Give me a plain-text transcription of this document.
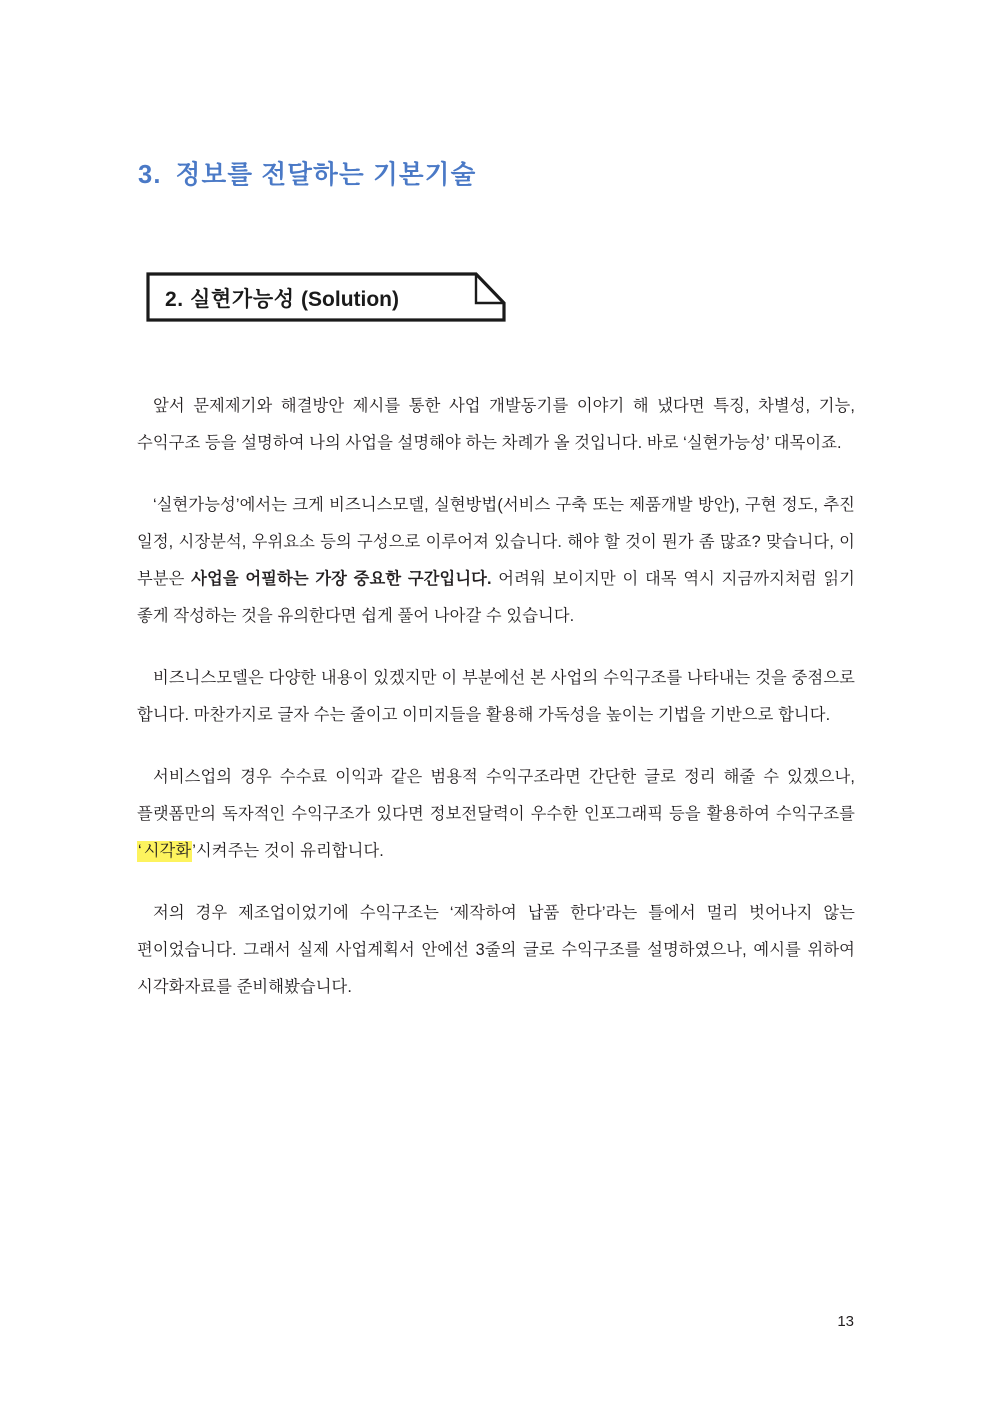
3. 정보를 전달하는 기본기술
2. 실현가능성 (Solution)

앞서 문제제기와 해결방안 제시를 통한 사업 개발동기를 이야기 해 냈다면 특징, 차별성, 기능, 수익구조 등을 설명하여 나의 사업을 설명해야 하는 차례가 올 것입니다. 바로 ‘실현가능성’ 대목이죠.

‘실현가능성’에서는 크게 비즈니스모델, 실현방법(서비스 구축 또는 제품개발 방안), 구현 정도, 추진 일정, 시장분석, 우위요소 등의 구성으로 이루어져 있습니다. 해야 할 것이 뭔가 좀 많죠? 맞습니다, 이 부분은 사업을 어필하는 가장 중요한 구간입니다. 어려워 보이지만 이 대목 역시 지금까지처럼 읽기 좋게 작성하는 것을 유의한다면 쉽게 풀어 나아갈 수 있습니다.

비즈니스모델은 다양한 내용이 있겠지만 이 부분에선 본 사업의 수익구조를 나타내는 것을 중점으로 합니다. 마찬가지로 글자 수는 줄이고 이미지들을 활용해 가독성을 높이는 기법을 기반으로 합니다.

서비스업의 경우 수수료 이익과 같은 범용적 수익구조라면 간단한 글로 정리 해줄 수 있겠으나, 플랫폼만의 독자적인 수익구조가 있다면 정보전달력이 우수한 인포그래픽 등을 활용하여 수익구조를 ‘ 시각화’시켜주는 것이 유리합니다.

저의 경우 제조업이었기에 수익구조는 ‘제작하여 납품 한다’라는 틀에서 멀리 벗어나지 않는 편이었습니다. 그래서 실제 사업계획서 안에선 3줄의 글로 수익구조를 설명하였으나, 예시를 위하여 시각화자료를 준비해봤습니다.

13
